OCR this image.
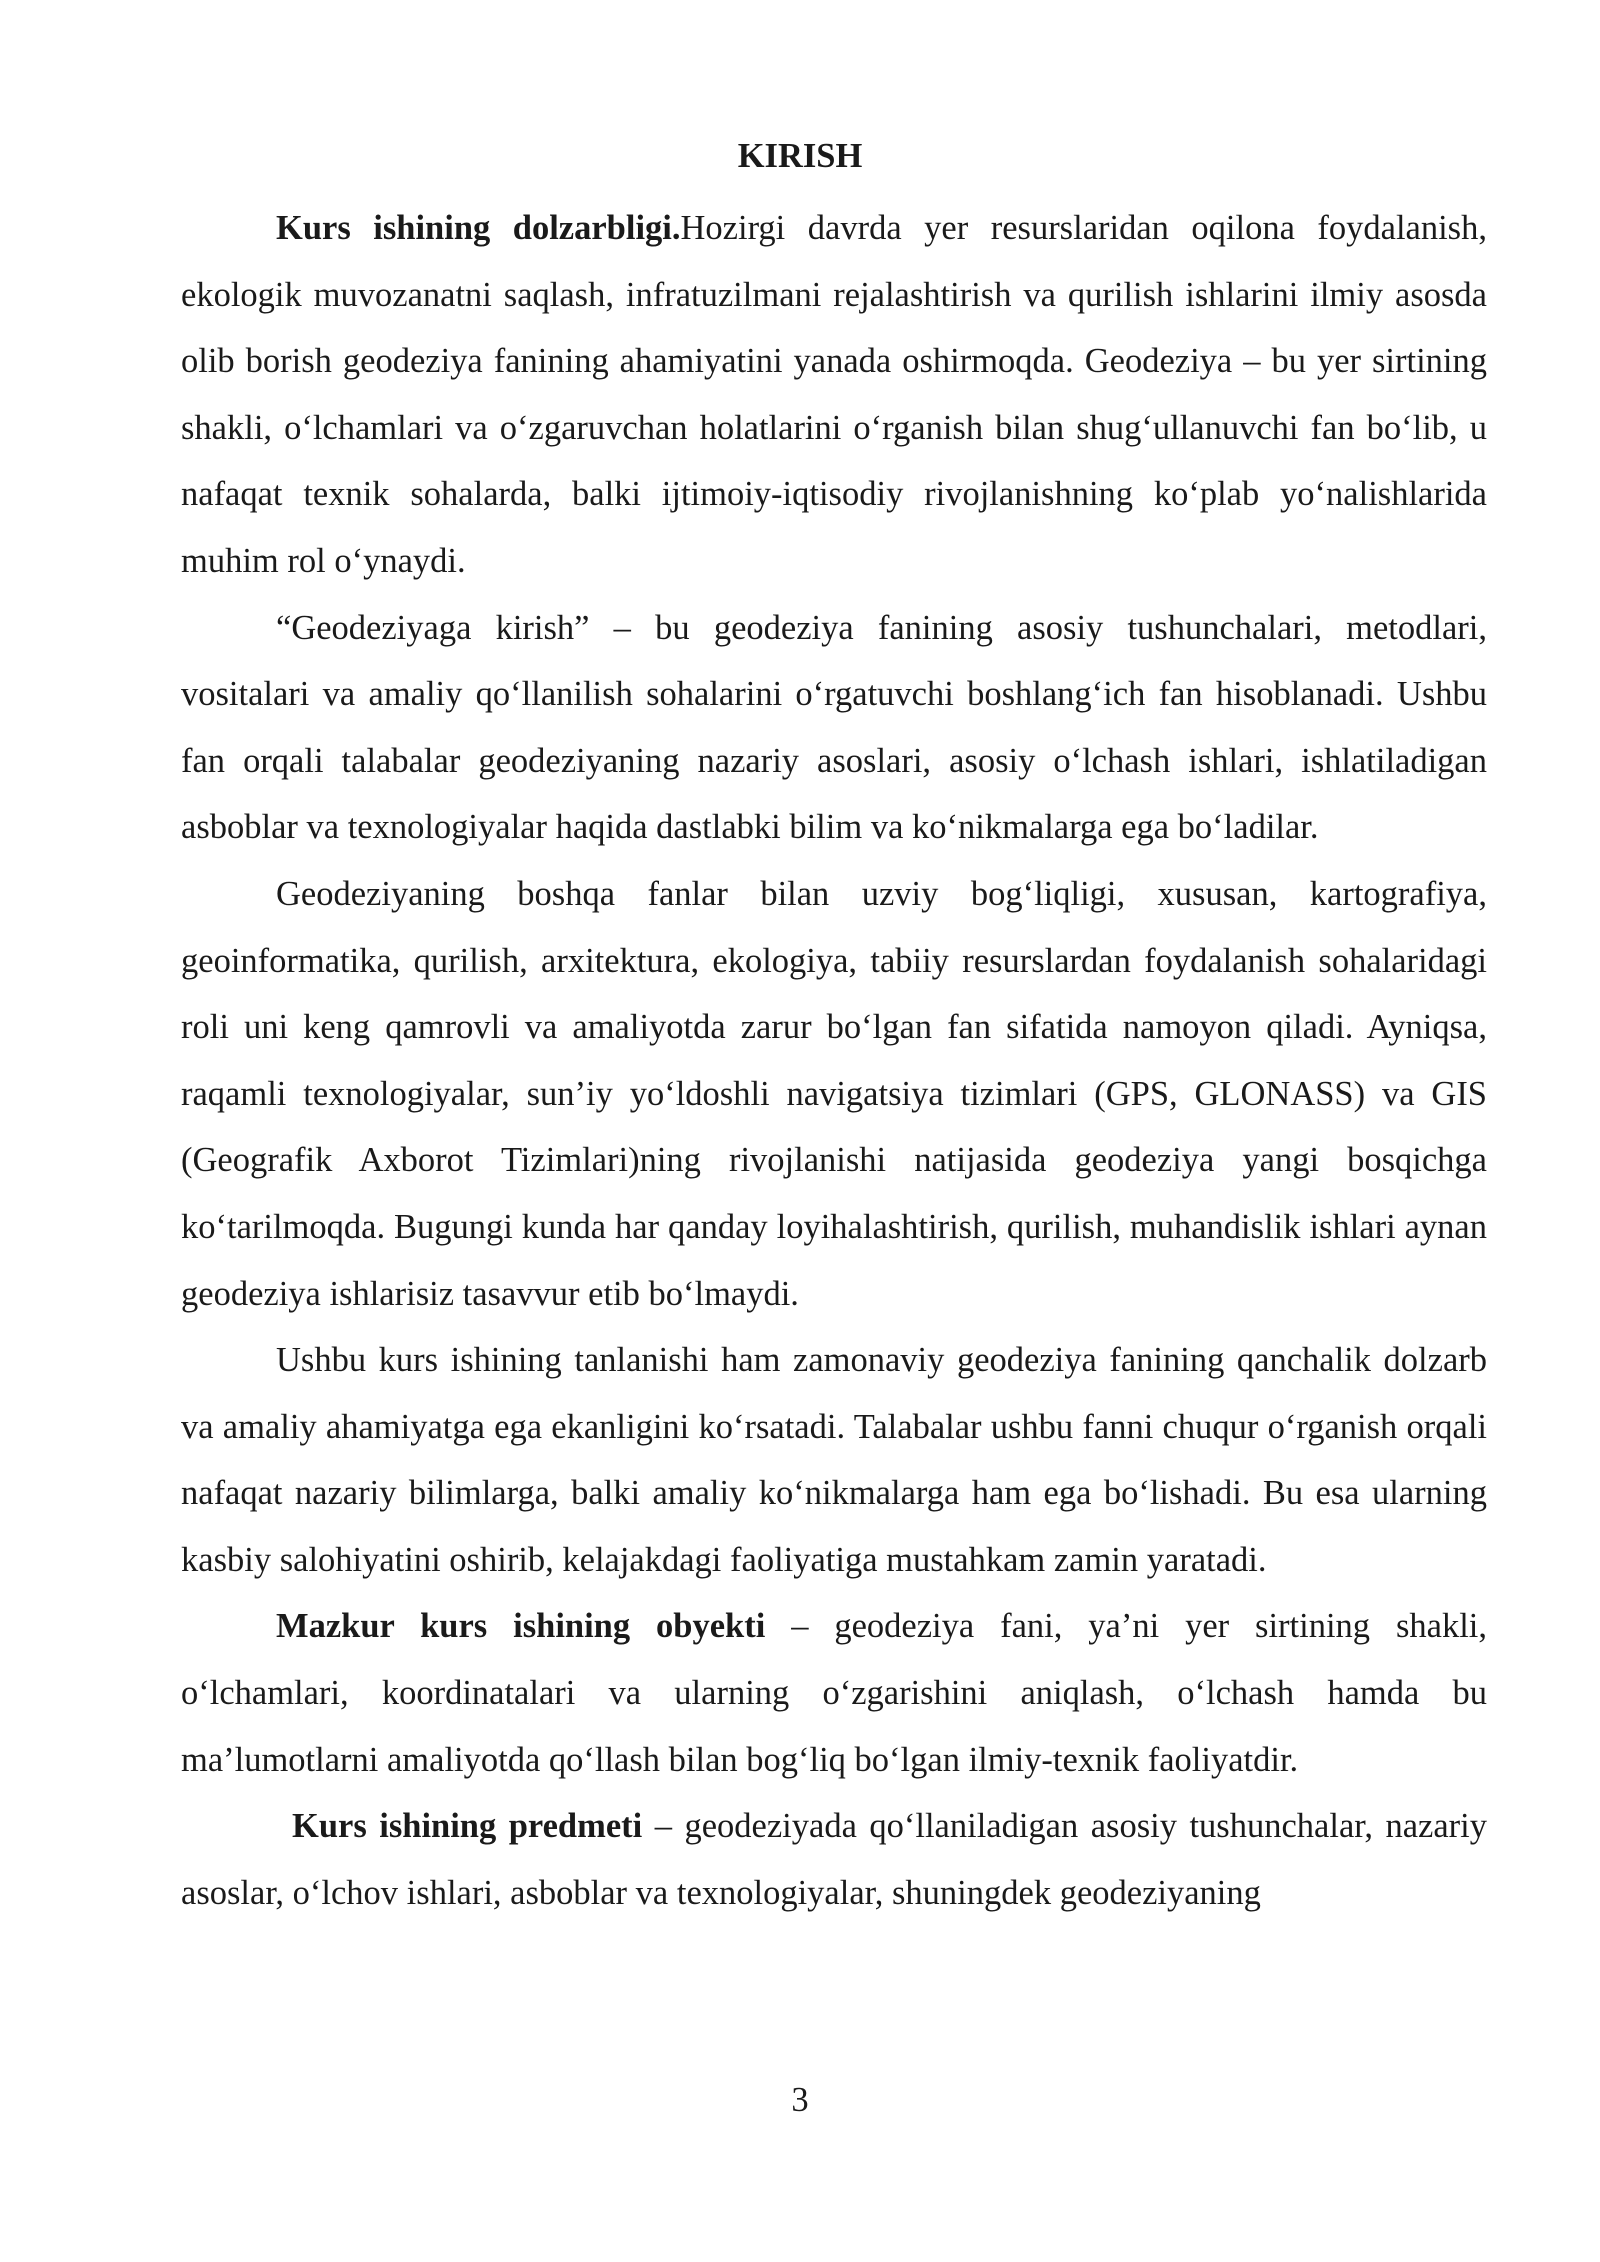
KIRISH

Kurs ishining dolzarbligi.Hozirgi davrda yer resurslaridan oqilona foydalanish, ekologik muvozanatni saqlash, infratuzilmani rejalashtirish va qurilish ishlarini ilmiy asosda olib borish geodeziya fanining ahamiyatini yanada oshirmoqda. Geodeziya – bu yer sirtining shakli, oʻlchamlari va oʻzgaruvchan holatlarini oʻrganish bilan shugʻullanuvchi fan boʻlib, u nafaqat texnik sohalarda, balki ijtimoiy-iqtisodiy rivojlanishning koʻplab yoʻnalishlarida muhim rol oʻynaydi.

“Geodeziyaga kirish” – bu geodeziya fanining asosiy tushunchalari, metodlari, vositalari va amaliy qoʻllanilish sohalarini oʻrgatuvchi boshlangʻich fan hisoblanadi. Ushbu fan orqali talabalar geodeziyaning nazariy asoslari, asosiy oʻlchash ishlari, ishlatiladigan asboblar va texnologiyalar haqida dastlabki bilim va koʻnikmalarga ega boʻladilar.

Geodeziyaning boshqa fanlar bilan uzviy bogʻliqligi, xususan, kartografiya, geoinformatika, qurilish, arxitektura, ekologiya, tabiiy resurslardan foydalanish sohalaridagi roli uni keng qamrovli va amaliyotda zarur boʻlgan fan sifatida namoyon qiladi. Ayniqsa, raqamli texnologiyalar, sun’iy yoʻldoshli navigatsiya tizimlari (GPS, GLONASS) va GIS (Geografik Axborot Tizimlari)ning rivojlanishi natijasida geodeziya yangi bosqichga koʻtarilmoqda. Bugungi kunda har qanday loyihalashtirish, qurilish, muhandislik ishlari aynan geodeziya ishlarisiz tasavvur etib boʻlmaydi.

Ushbu kurs ishining tanlanishi ham zamonaviy geodeziya fanining qanchalik dolzarb va amaliy ahamiyatga ega ekanligini koʻrsatadi. Talabalar ushbu fanni chuqur oʻrganish orqali nafaqat nazariy bilimlarga, balki amaliy koʻnikmalarga ham ega boʻlishadi. Bu esa ularning kasbiy salohiyatini oshirib, kelajakdagi faoliyatiga mustahkam zamin yaratadi.

Mazkur kurs ishining obyekti – geodeziya fani, ya’ni yer sirtining shakli, oʻlchamlari, koordinatalari va ularning oʻzgarishini aniqlash, oʻlchash hamda bu ma’lumotlarni amaliyotda qoʻllash bilan bogʻliq boʻlgan ilmiy-texnik faoliyatdir.

Kurs ishining predmeti – geodeziyada qoʻllaniladigan asosiy tushunchalar, nazariy asoslar, oʻlchov ishlari, asboblar va texnologiyalar, shuningdek geodeziyaning

3
